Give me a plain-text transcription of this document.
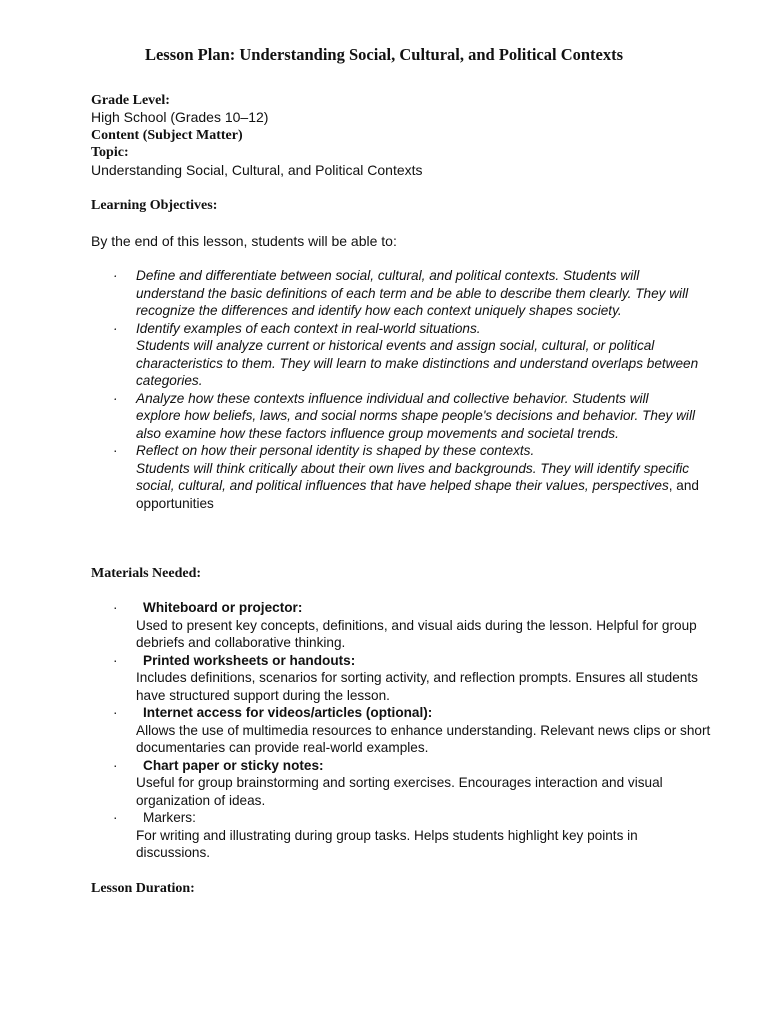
Lesson Plan: Understanding Social, Cultural, and Political Contexts
Grade Level:
High School (Grades 10–12)
Content (Subject Matter)
Topic:
Understanding Social, Cultural, and Political Contexts
Learning Objectives:
By the end of this lesson, students will be able to:
·	Define and differentiate between social, cultural, and political contexts. Students will
understand the basic definitions of each term and be able to describe them clearly. They will recognize the differences and identify how each context uniquely shapes society.
·	Identify examples of each context in real-world situations.
Students will analyze current or historical events and assign social, cultural, or political characteristics to them. They will learn to make distinctions and understand overlaps between categories.
·	Analyze how these contexts influence individual and collective behavior. Students will
explore how beliefs, laws, and social norms shape people's decisions and behavior. They will also examine how these factors influence group movements and societal trends.
·	Reflect on how their personal identity is shaped by these contexts.
Students will think critically about their own lives and backgrounds. They will identify specific social, cultural, and political influences that have helped shape their values, perspectives, and opportunities
Materials Needed:
·	Whiteboard or projector:
Used to present key concepts, definitions, and visual aids during the lesson. Helpful for group debriefs and collaborative thinking.
·	Printed worksheets or handouts:
Includes definitions, scenarios for sorting activity, and reflection prompts. Ensures all students have structured support during the lesson.
·	Internet access for videos/articles (optional):
Allows the use of multimedia resources to enhance understanding. Relevant news clips or short documentaries can provide real-world examples.
·	Chart paper or sticky notes:
Useful for group brainstorming and sorting exercises. Encourages interaction and visual organization of ideas.
·	Markers:
For writing and illustrating during group tasks. Helps students highlight key points in discussions.
Lesson Duration:
